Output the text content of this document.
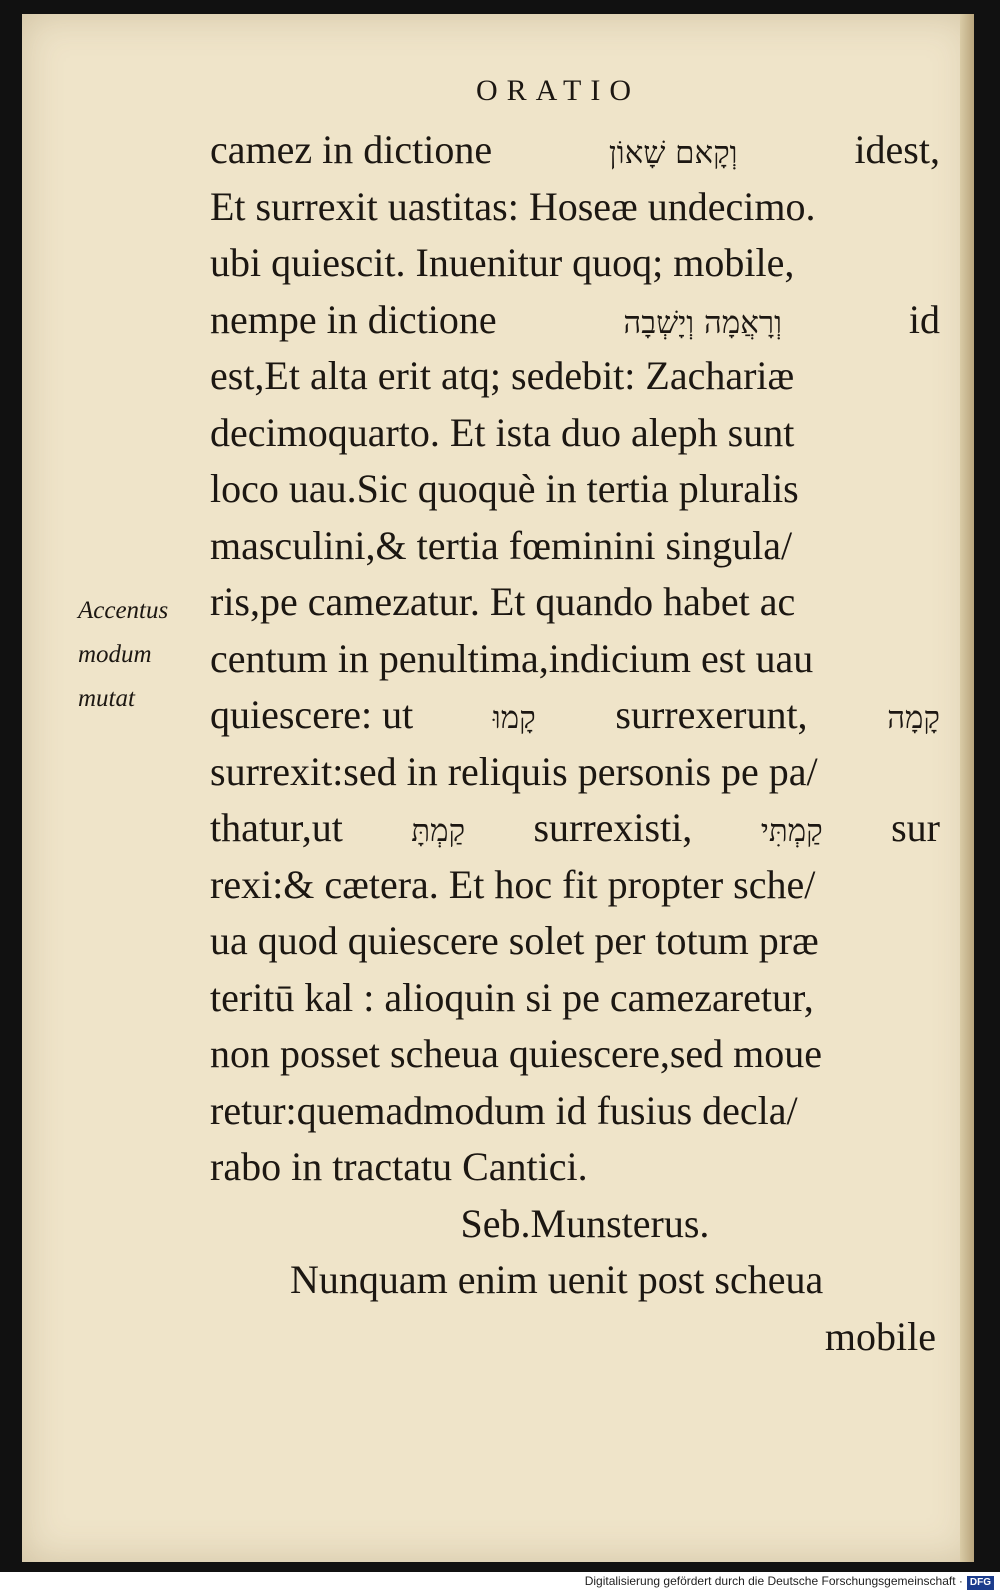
ORATIO
Accentus
modum
mutat
camez in dictione	וְקָאם שָׁאוֹן	idest,
Et surrexit uastitas: Hoseæ undecimo.
ubi quiescit. Inuenitur quoq; mobile,
nempe in dictione	וְרָאֲמָה וְיָשְׁבָה	id
est,Et alta erit atq; sedebit: Zachariæ
decimoquarto. Et ista duo aleph sunt
loco uau.Sic quoquè in tertia pluralis
masculini,& tertia fœminini singula/
ris,pe camezatur. Et quando habet ac
centum in penultima,indicium est uau
quiescere: ut	קָמוּ surrexerunt,	קָמָה
surrexit:sed in reliquis personis pe pa/
thatur,ut קַמְתָּ surrexisti, קַמְתִּי sur
rexi:& cætera. Et hoc fit propter sche/
ua quod quiescere solet per totum præ
teritū kal : alioquin si pe camezaretur,
non posset scheua quiescere,sed moue
retur:quemadmodum id fusius decla/
rabo in tractatu Cantici.
Seb.Munsterus.
Nunquam enim uenit post scheua
mobile
Digitalisierung gefördert durch die Deutsche Forschungsgemeinschaft · DFG
